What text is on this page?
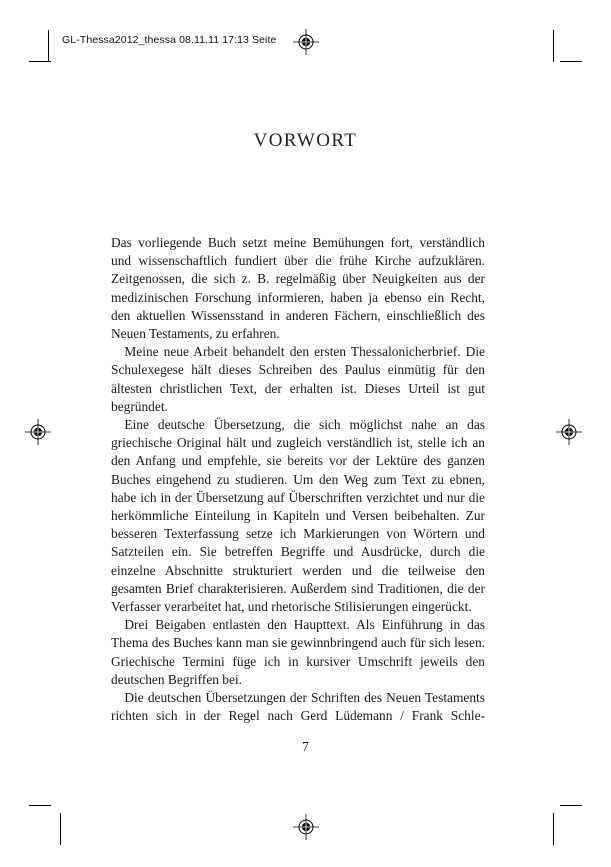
GL-Thessa2012_thessa 08.11.11 17:13 Seite
VORWORT

Das vorliegende Buch setzt meine Bemühungen fort, verständlich und wissenschaftlich fundiert über die frühe Kirche aufzuklären. Zeitgenossen, die sich z. B. regelmäßig über Neuigkeiten aus der medizinischen Forschung informieren, haben ja ebenso ein Recht, den aktuellen Wissensstand in anderen Fächern, einschließlich des Neuen Testaments, zu erfahren.

Meine neue Arbeit behandelt den ersten Thessalonicherbrief. Die Schulexegese hält dieses Schreiben des Paulus einmütig für den ältesten christlichen Text, der erhalten ist. Dieses Urteil ist gut begründet.

Eine deutsche Übersetzung, die sich möglichst nahe an das griechische Original hält und zugleich verständlich ist, stelle ich an den Anfang und empfehle, sie bereits vor der Lektüre des ganzen Buches eingehend zu studieren. Um den Weg zum Text zu ebnen, habe ich in der Übersetzung auf Überschriften verzichtet und nur die herkömmliche Einteilung in Kapiteln und Versen beibehalten. Zur besseren Texterfassung setze ich Markierungen von Wörtern und Satzteilen ein. Sie betreffen Begriffe und Ausdrücke, durch die einzelne Abschnitte strukturiert werden und die teilweise den gesamten Brief charakterisieren. Außerdem sind Traditionen, die der Verfasser verarbeitet hat, und rhetorische Stilisierungen eingerückt.

Drei Beigaben entlasten den Haupttext. Als Einführung in das Thema des Buches kann man sie gewinnbringend auch für sich lesen. Griechische Termini füge ich in kursiver Umschrift jeweils den deutschen Begriffen bei.

Die deutschen Übersetzungen der Schriften des Neuen Testaments richten sich in der Regel nach Gerd Lüdemann / Frank Schle-

7
